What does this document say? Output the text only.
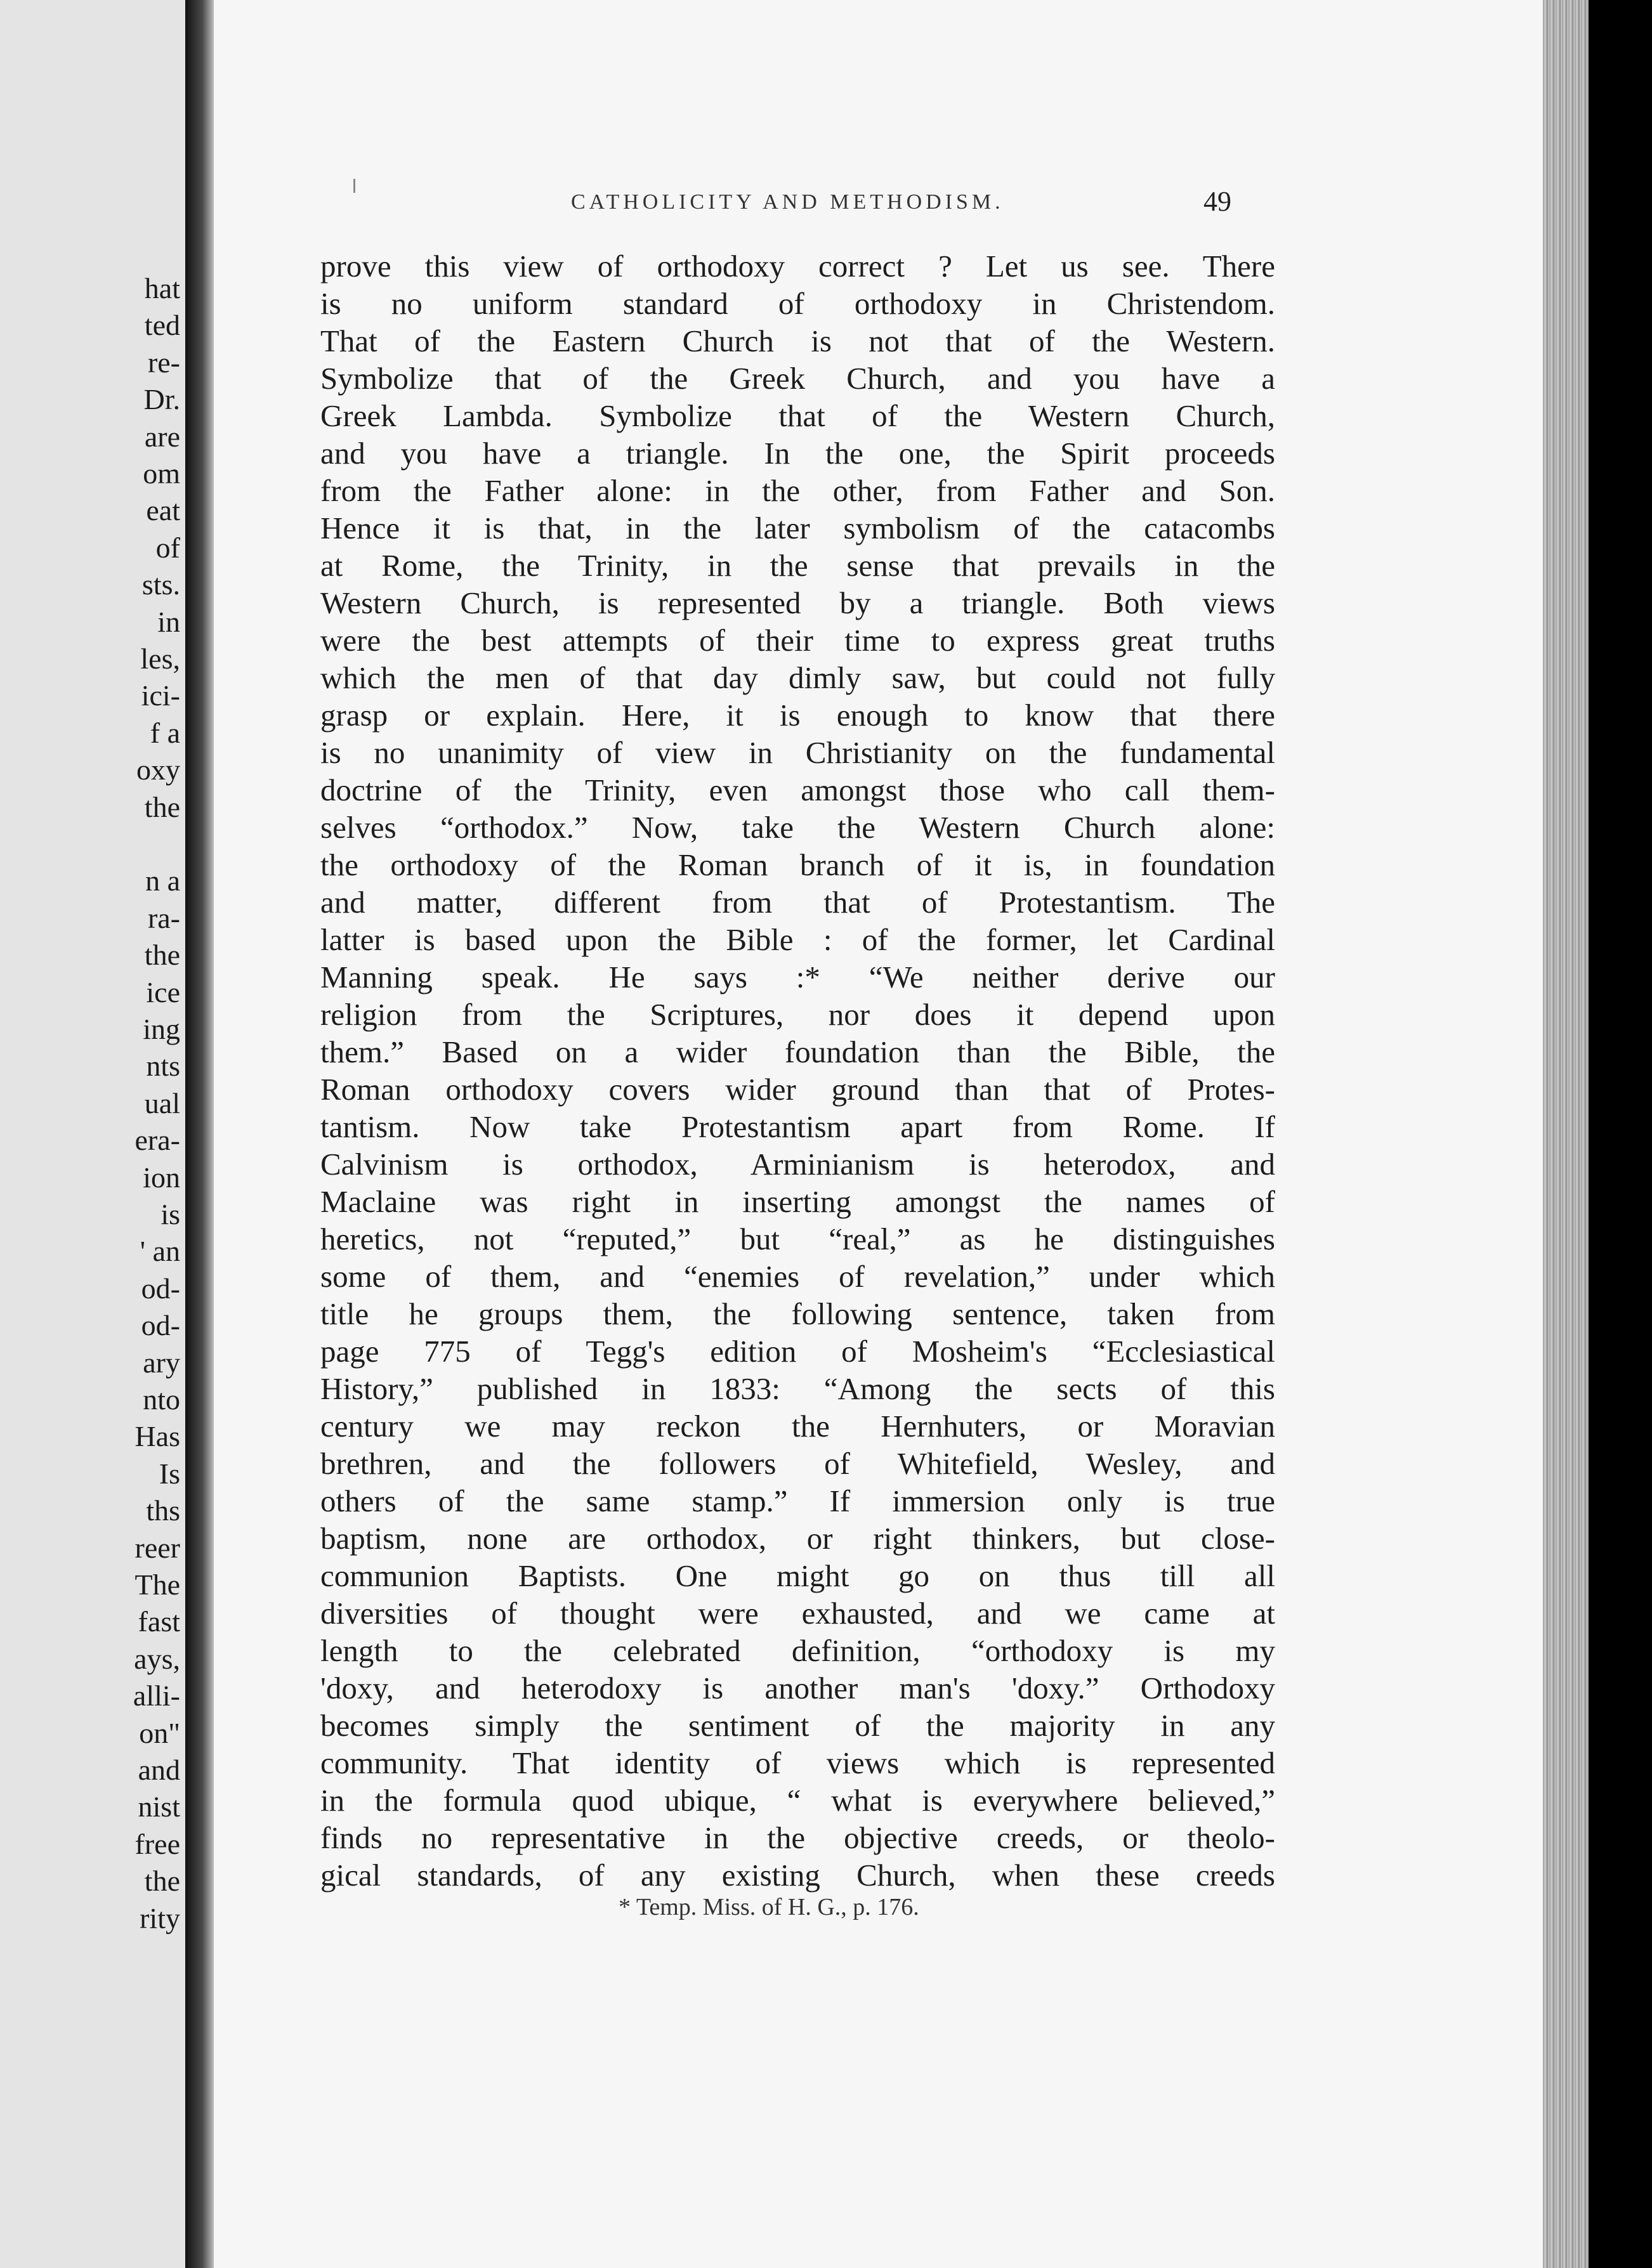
hat
ted
re-
Dr.
are
om
eat
of
sts.
in
les,
ici-
f a
oxy
the
n a
ra-
the
ice
ing
nts
ual
era-
ion
is
' an
od-
od-
ary
nto
Has
Is
ths
reer
The
fast
ays,
alli-
on"
and
nist
free
the
rity
CATHOLICITY AND METHODISM.	49
prove this view of orthodoxy correct ? Let us see. There
is no uniform standard of orthodoxy in Christendom.
That of the Eastern Church is not that of the Western.
Symbolize that of the Greek Church, and you have a
Greek Lambda. Symbolize that of the Western Church,
and you have a triangle. In the one, the Spirit proceeds
from the Father alone: in the other, from Father and Son.
Hence it is that, in the later symbolism of the catacombs
at Rome, the Trinity, in the sense that prevails in the
Western Church, is represented by a triangle. Both views
were the best attempts of their time to express great truths
which the men of that day dimly saw, but could not fully
grasp or explain. Here, it is enough to know that there
is no unanimity of view in Christianity on the fundamental
doctrine of the Trinity, even amongst those who call them-
selves “orthodox.” Now, take the Western Church alone:
the orthodoxy of the Roman branch of it is, in foundation
and matter, different from that of Protestantism. The
latter is based upon the Bible : of the former, let Cardinal
Manning speak. He says :* “We neither derive our
religion from the Scriptures, nor does it depend upon
them.” Based on a wider foundation than the Bible, the
Roman orthodoxy covers wider ground than that of Protes-
tantism. Now take Protestantism apart from Rome. If
Calvinism is orthodox, Arminianism is heterodox, and
Maclaine was right in inserting amongst the names of
heretics, not “reputed,” but “real,” as he distinguishes
some of them, and “enemies of revelation,” under which
title he groups them, the following sentence, taken from
page 775 of Tegg's edition of Mosheim's “Ecclesiastical
History,” published in 1833: “Among the sects of this
century we may reckon the Hernhuters, or Moravian
brethren, and the followers of Whitefield, Wesley, and
others of the same stamp.” If immersion only is true
baptism, none are orthodox, or right thinkers, but close-
communion Baptists. One might go on thus till all
diversities of thought were exhausted, and we came at
length to the celebrated definition, “orthodoxy is my
'doxy, and heterodoxy is another man's 'doxy.” Orthodoxy
becomes simply the sentiment of the majority in any
community. That identity of views which is represented
in the formula quod ubique, “ what is everywhere believed,”
finds no representative in the objective creeds, or theolo-
gical standards, of any existing Church, when these creeds
* Temp. Miss. of H. G., p. 176.
